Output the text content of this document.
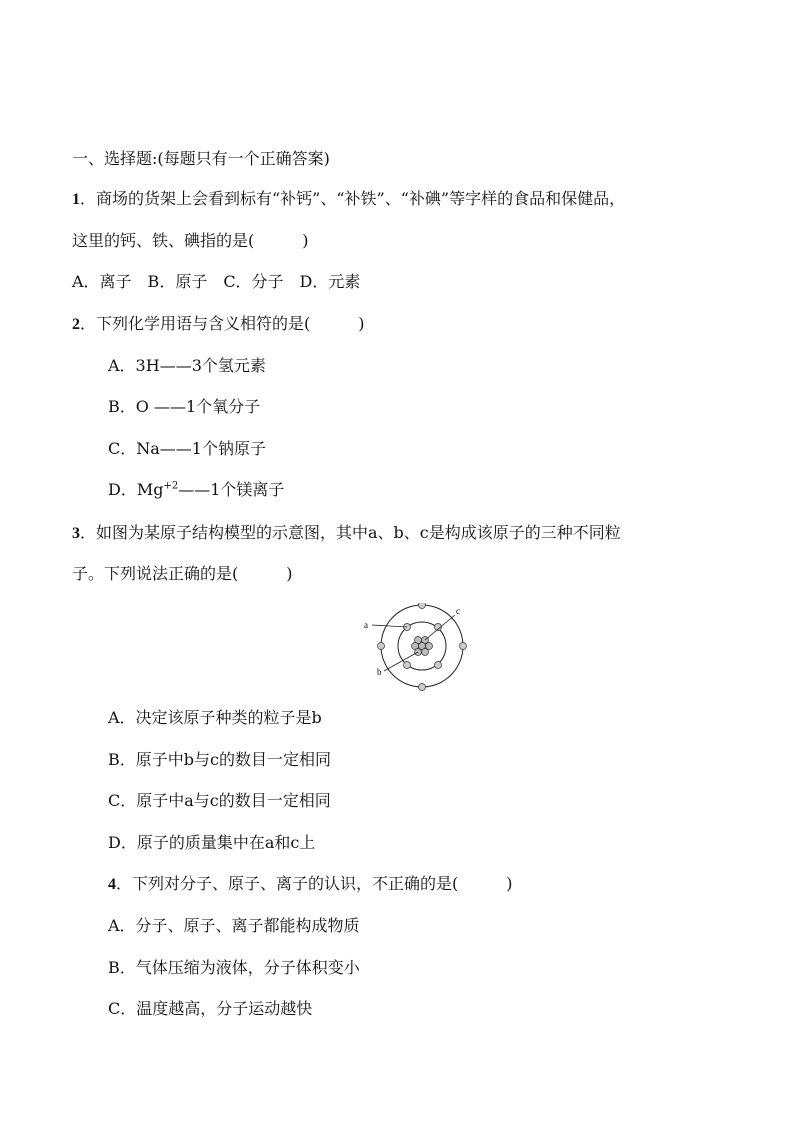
一、选择题:(每题只有一个正确答案)
1．商场的货架上会看到标有“补钙”、“补铁”、“补碘”等字样的食品和保健品，
这里的钙、铁、碘指的是(　　　)
A．离子　B．原子　C．分子　D．元素
2．下列化学用语与含义相符的是(　　　)
A．3H——3个氢元素
B．O ——1个氧分子
C．Na——1个钠原子
D．$Mg^{+2}——1$个镁离子
3．如图为某原子结构模型的示意图，其中a、b、c是构成该原子的三种不同粒
子。下列说法正确的是(　　　)
a
b
c
A．决定该原子种类的粒子是b
B．原子中b与c的数目一定相同
C．原子中a与c的数目一定相同
D．原子的质量集中在a和c上
4．下列对分子、原子、离子的认识，不正确的是(　　　)
A．分子、原子、离子都能构成物质
B．气体压缩为液体，分子体积变小
C．温度越高，分子运动越快
